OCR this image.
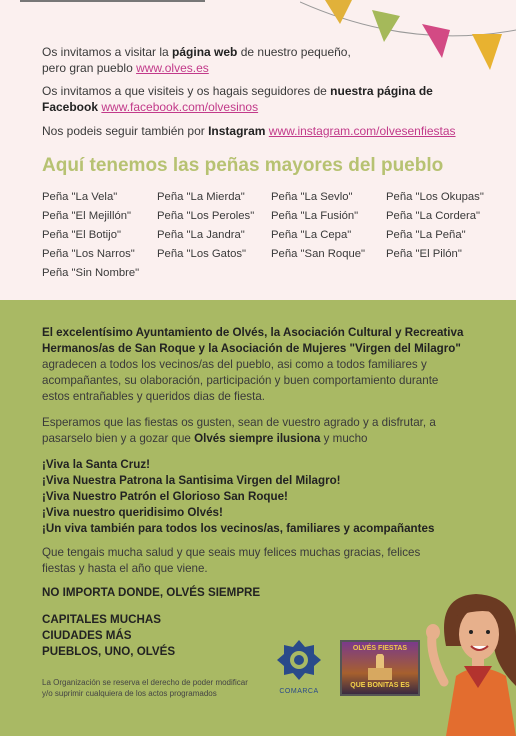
Os invitamos a visitar la página web de nuestro pequeño,
pero gran pueblo www.olves.es
Os invitamos a que visiteis y os hagais seguidores de nuestra página de
Facebook www.facebook.com/olvesinos
Nos podeis seguir también por Instagram www.instagram.com/olvesenfiestas
Aquí tenemos las peñas mayores del pueblo
Peña "La Vela"	Peña "La Mierda" Peña "La Sevlo"	Peña "Los Okupas"
Peña "El Mejillón" Peña "Los Peroles" Peña "La Fusión" Peña "La Cordera"
Peña "El Botijo"	Peña "La Jandra" Peña "La Cepa"	Peña "La Peña"
Peña "Los Narros" Peña "Los Gatos" Peña "San Roque" Peña "El Pilón"
Peña "Sin Nombre"
El excelentísimo Ayuntamiento de Olvés, la Asociación Cultural y Recreativa
Hermanos/as de San Roque y la Asociación de Mujeres "Virgen del Milagro"
agradecen a todos los vecinos/as del pueblo, asi como a todos familiares y
acompañantes, su olaboración, participación y buen comportamiento durante
estos entrañables y queridos dias de fiesta.
Esperamos que las fiestas os gusten, sean de vuestro agrado y a disfrutar, a
pasarselo bien y a gozar que Olvés siempre ilusiona y mucho
¡Viva la Santa Cruz!
¡Viva Nuestra Patrona la Santisima Virgen del Milagro!
¡Viva Nuestro Patrón el Glorioso San Roque!
¡Viva nuestro queridisimo Olvés!
¡Un viva también para todos los vecinos/as, familiares y acompañantes
Que tengais mucha salud y que seais muy felices muchas gracias, felices
fiestas y hasta el año que viene.
NO IMPORTA DONDE, OLVÉS SIEMPRE
CAPITALES MUCHAS
CIUDADES MÁS
PUEBLOS, UNO, OLVÉS
La Organización se reserva el derecho de poder modificar
y/o suprimir cualquiera de los actos programados	COMARCA
OLVÉS FIESTAS
QUE BONITAS ES
